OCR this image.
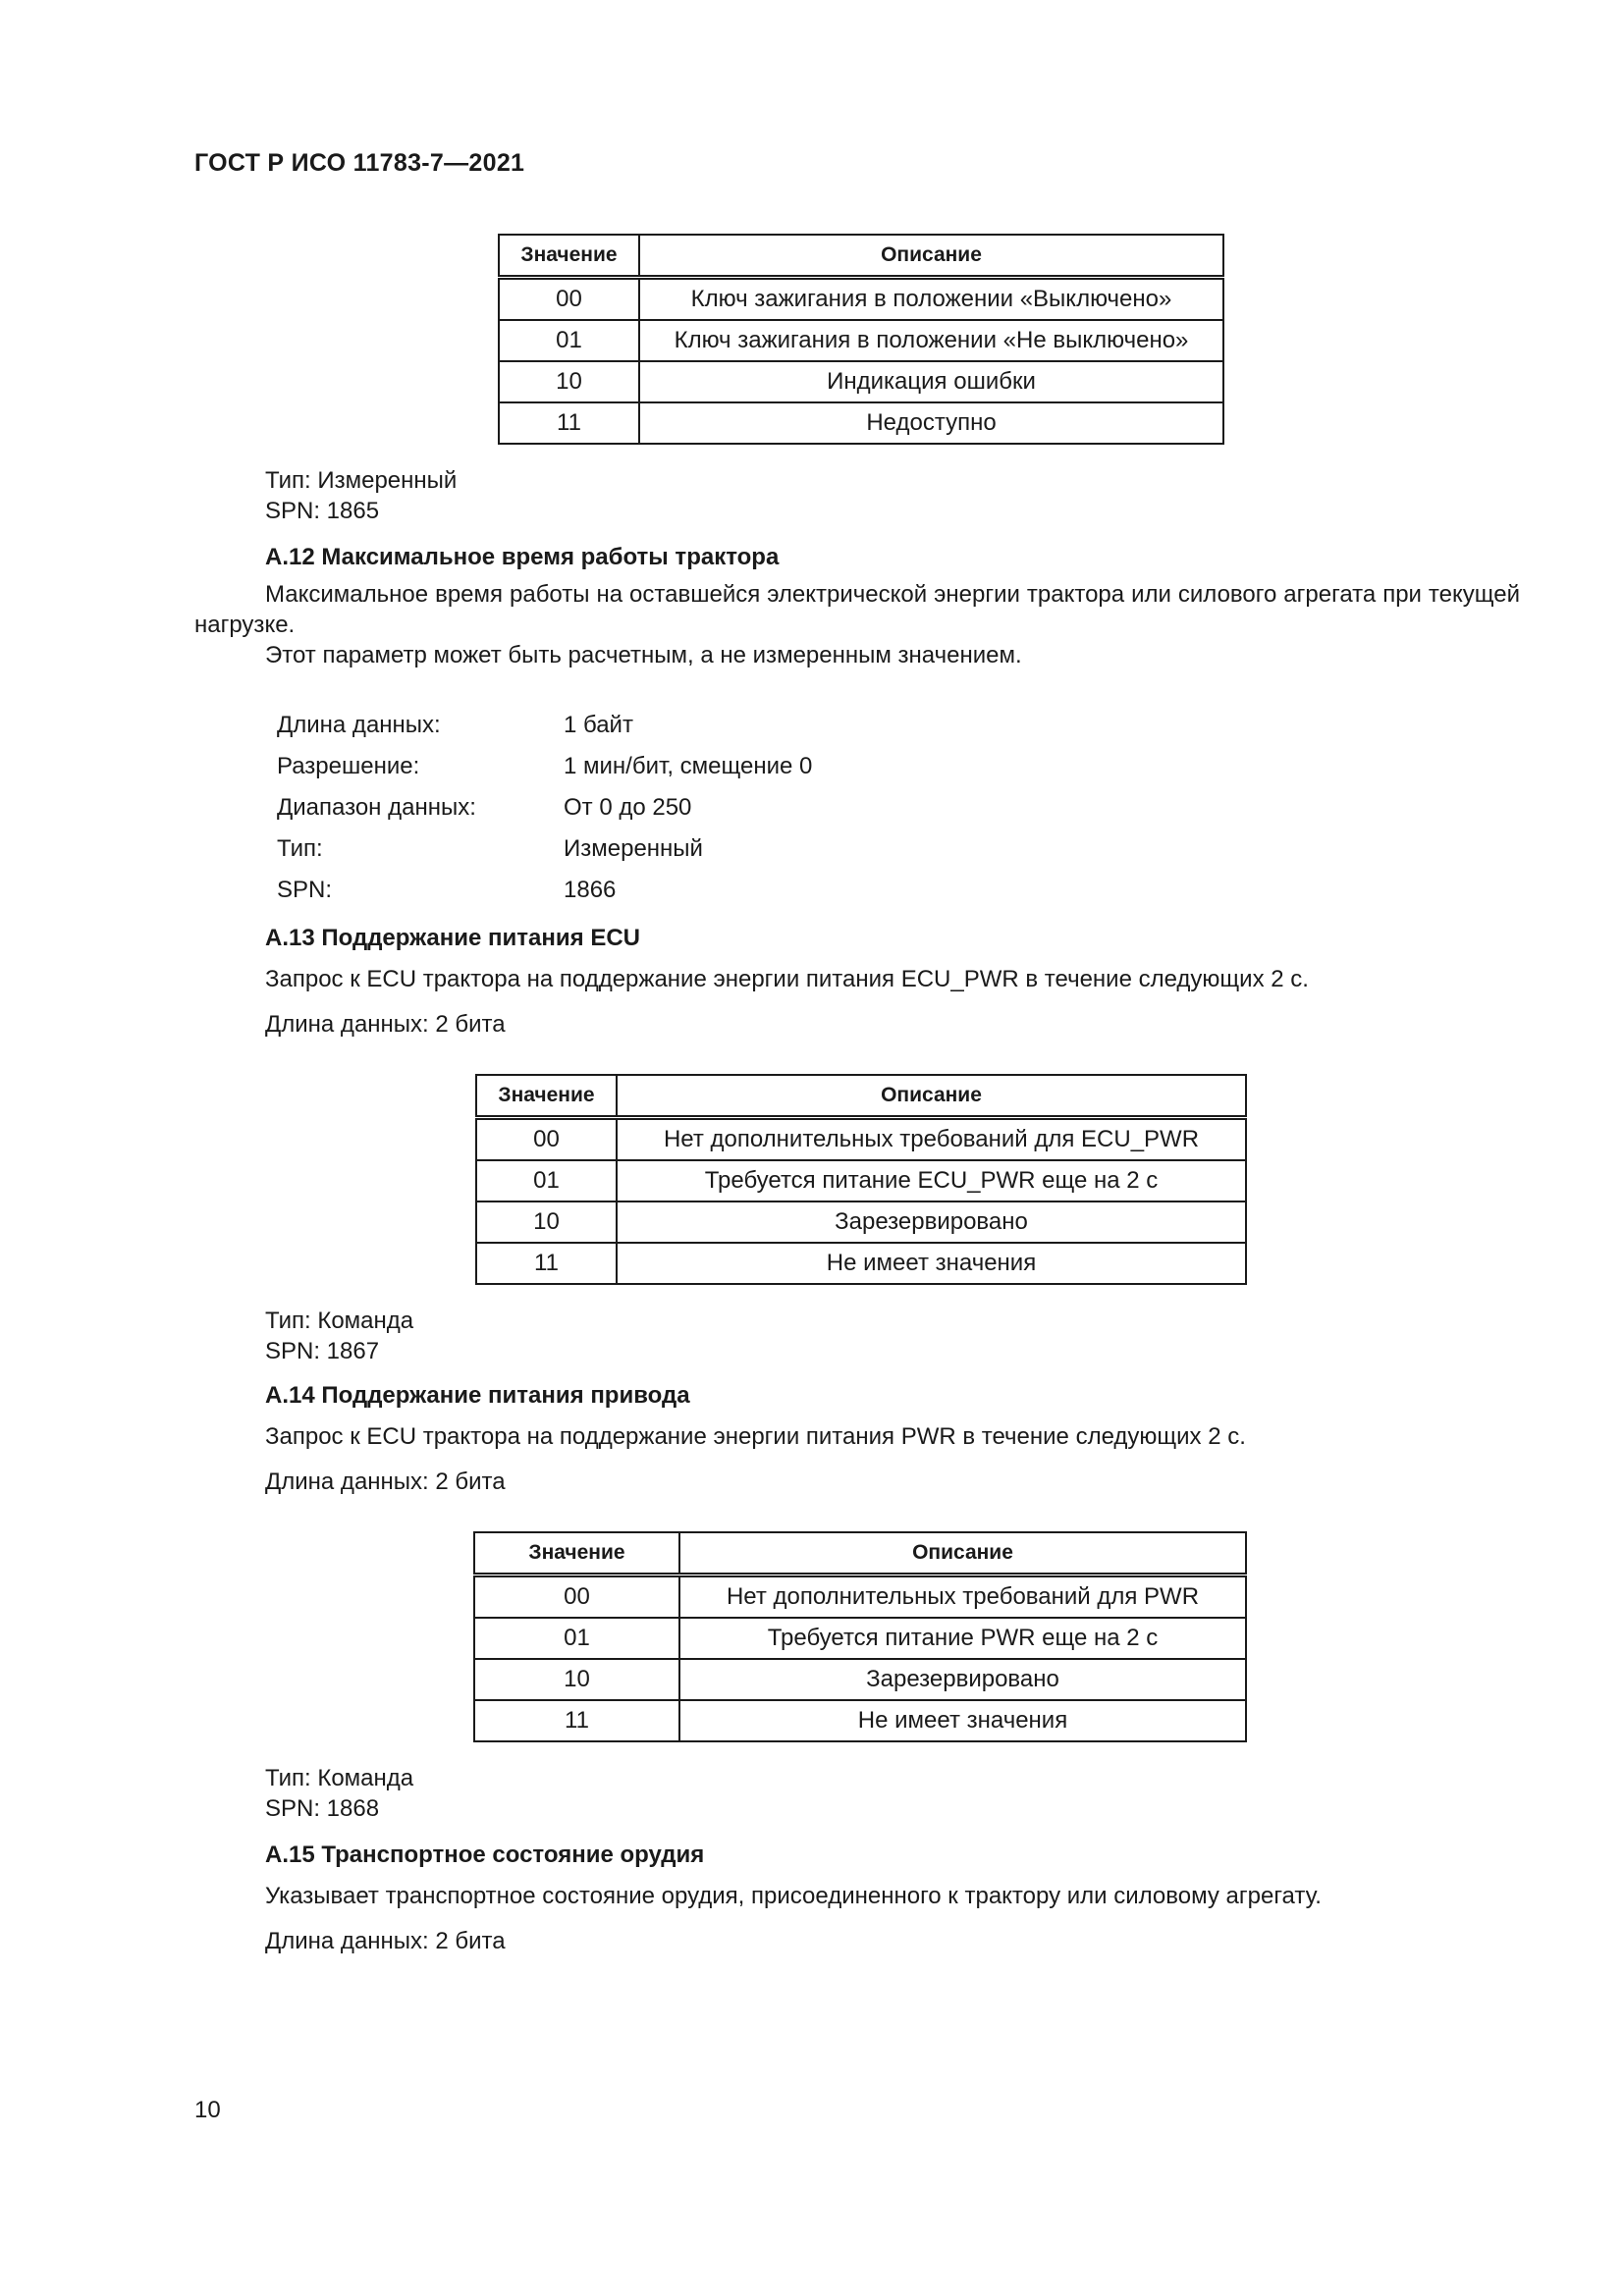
ГОСТ Р ИСО 11783-7—2021
Значение	Описание
00	Ключ зажигания в положении «Выключено»
01	Ключ зажигания в положении «Не выключено»
10	Индикация ошибки
11	Недоступно
Тип: Измеренный
SPN: 1865
А.12 Максимальное время работы трактора

Максимальное время работы на оставшейся электрической энергии трактора или силового агрегата при текущей нагрузке.

Этот параметр может быть расчетным, а не измеренным значением.

Длина данных:	1 байт
Разрешение:	1 мин/бит, смещение 0
Диапазон данных:	От 0 до 250
Тип:	Измеренный
SPN:	1866
А.13 Поддержание питания ECU
Запрос к ECU трактора на поддержание энергии питания ECU_PWR в течение следующих 2 с.
Длина данных: 2 бита
Значение	Описание
00	Нет дополнительных требований для ECU_PWR
01	Требуется питание ECU_PWR еще на 2 с
10	Зарезервировано
11	Не имеет значения
Тип: Команда
SPN: 1867
А.14 Поддержание питания привода
Запрос к ECU трактора на поддержание энергии питания PWR в течение следующих 2 с.
Длина данных: 2 бита
Значение	Описание
00	Нет дополнительных требований для PWR
01	Требуется питание PWR еще на 2 с
10	Зарезервировано
11	Не имеет значения
Тип: Команда
SPN: 1868
А.15 Транспортное состояние орудия
Указывает транспортное состояние орудия, присоединенного к трактору или силовому агрегату.
Длина данных: 2 бита
10
